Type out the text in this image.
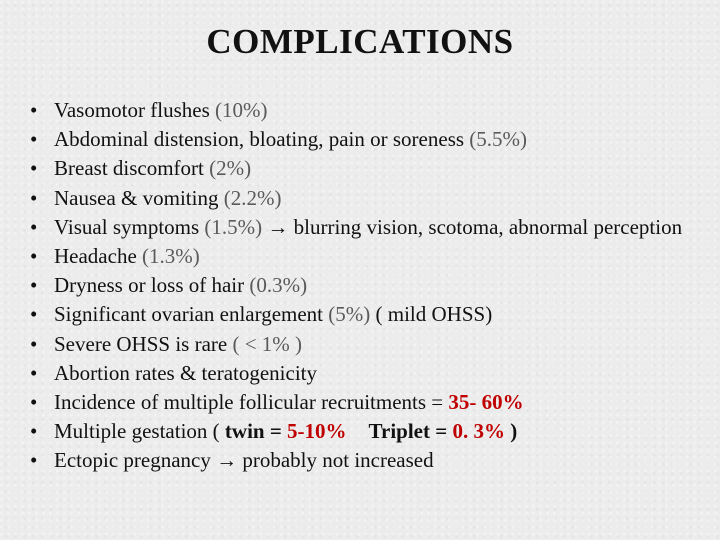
COMPLICATIONS
• Vasomotor flushes (10%)
• Abdominal distension, bloating, pain or soreness (5.5%)
• Breast discomfort (2%)
• Nausea & vomiting (2.2%)
• Visual symptoms (1.5%) → blurring vision, scotoma, abnormal perception
• Headache (1.3%)
• Dryness or loss of hair (0.3%)
• Significant ovarian enlargement (5%) ( mild OHSS)
• Severe OHSS is rare ( < 1% )
• Abortion rates & teratogenicity
• Incidence of multiple follicular recruitments = 35- 60%
• Multiple gestation ( twin = 5-10% Triplet = 0. 3% )
• Ectopic pregnancy → probably not increased
